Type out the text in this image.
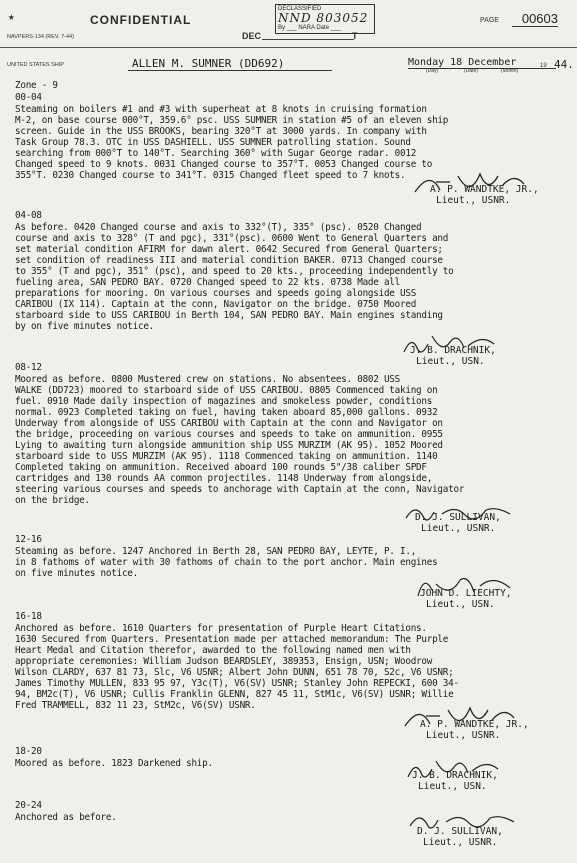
★	CONFIDENTIAL
DECLASSIFIED
NND 803052
By ___ NARA Date ___
PAGE	00603
NAVPERS-134 (REV. 7-44)	DEC	T
UNITED STATES SHIP	ALLEN M. SUMNER (DD692)	Monday 18 December
(Day)	(Date)	(Month)
19 44.
Zone - 9
00-04
Steaming on boilers #1 and #3 with superheat at 8 knots in cruising formation
M-2, on base course 000°T, 359.6° psc. USS SUMNER in station #5 of an eleven ship
screen. Guide in the USS BROOKS, bearing 320°T at 3000 yards. In company with
Task Group 78.3. OTC in USS DASHIELL. USS SUMNER patrolling station. Sound
searching from 000°T to 140°T. Searching 360° with Sugar George radar. 0012
Changed speed to 9 knots. 0031 Changed course to 357°T. 0053 Changed course to
355°T. 0230 Changed course to 341°T. 0315 Changed fleet speed to 7 knots.
04-08
As before. 0420 Changed course and axis to 332°(T), 335° (psc). 0520 Changed
course and axis to 328° (T and pgc), 331°(psc). 0600 Went to General Quarters and
set material condition AFIRM for dawn alert. 0642 Secured from General Quarters;
set condition of readiness III and material condition BAKER. 0713 Changed course
to 355° (T and pgc), 351° (psc), and speed to 20 kts., proceeding independently to
fueling area, SAN PEDRO BAY. 0720 Changed speed to 22 kts. 0738 Made all
preparations for mooring. On various courses and speeds going alongside USS
CARIBOU (IX 114). Captain at the conn, Navigator on the bridge. 0750 Moored
starboard side to USS CARIBOU in Berth 104, SAN PEDRO BAY. Main engines standing
by on five minutes notice.
08-12
Moored as before. 0800 Mustered crew on stations. No absentees. 0802 USS
WALKE (DD723) moored to starboard side of USS CARIBOU. 0805 Commenced taking on
fuel. 0910 Made daily inspection of magazines and smokeless powder, conditions
normal. 0923 Completed taking on fuel, having taken aboard 85,000 gallons. 0932
Underway from alongside of USS CARIBOU with Captain at the conn and Navigator on
the bridge, proceeding on various courses and speeds to take on ammunition. 0955
Lying to awaiting turn alongside ammunition ship USS MURZIM (AK 95). 1052 Moored
starboard side to USS MURZIM (AK 95). 1118 Commenced taking on ammunition. 1140
Completed taking on ammunition. Received aboard 100 rounds 5"/38 caliber SPDF
cartridges and 130 rounds AA common projectiles. 1148 Underway from alongside,
steering various courses and speeds to anchorage with Captain at the conn, Navigator
on the bridge.
12-16
Steaming as before. 1247 Anchored in Berth 28, SAN PEDRO BAY, LEYTE, P. I.,
in 8 fathoms of water with 30 fathoms of chain to the port anchor. Main engines
on five minutes notice.
16-18
Anchored as before. 1610 Quarters for presentation of Purple Heart Citations.
1630 Secured from Quarters. Presentation made per attached memorandum: The Purple
Heart Medal and Citation therefor, awarded to the following named men with
appropriate ceremonies: William Judson BEARDSLEY, 389353, Ensign, USN; Woodrow
Wilson CLARDY, 637 81 73, Slc, V6 USNR; Albert John DUNN, 651 78 70, S2c, V6 USNR;
James Timothy MULLEN, 833 95 97, Y3c(T), V6(SV) USNR; Stanley John REPECKI, 600 34-
94, BM2c(T), V6 USNR; Cullis Franklin GLENN, 827 45 11, StM1c, V6(SV) USNR; Willie
Fred TRAMMELL, 832 11 23, StM2c, V6(SV) USNR.
18-20
Moored as before. 1823 Darkened ship.
20-24
Anchored as before.
A. P. WANDTKE, JR.,
Lieut., USNR.
J. B. DRACHNIK,
Lieut., USN.
D. J. SULLIVAN,
Lieut., USNR.
JOHN D. LIECHTY,
Lieut., USN.
A. P. WANDTKE, JR.,
Lieut., USNR.
J. B. DRACHNIK,
Lieut., USN.
D. J. SULLIVAN,
Lieut., USNR.
